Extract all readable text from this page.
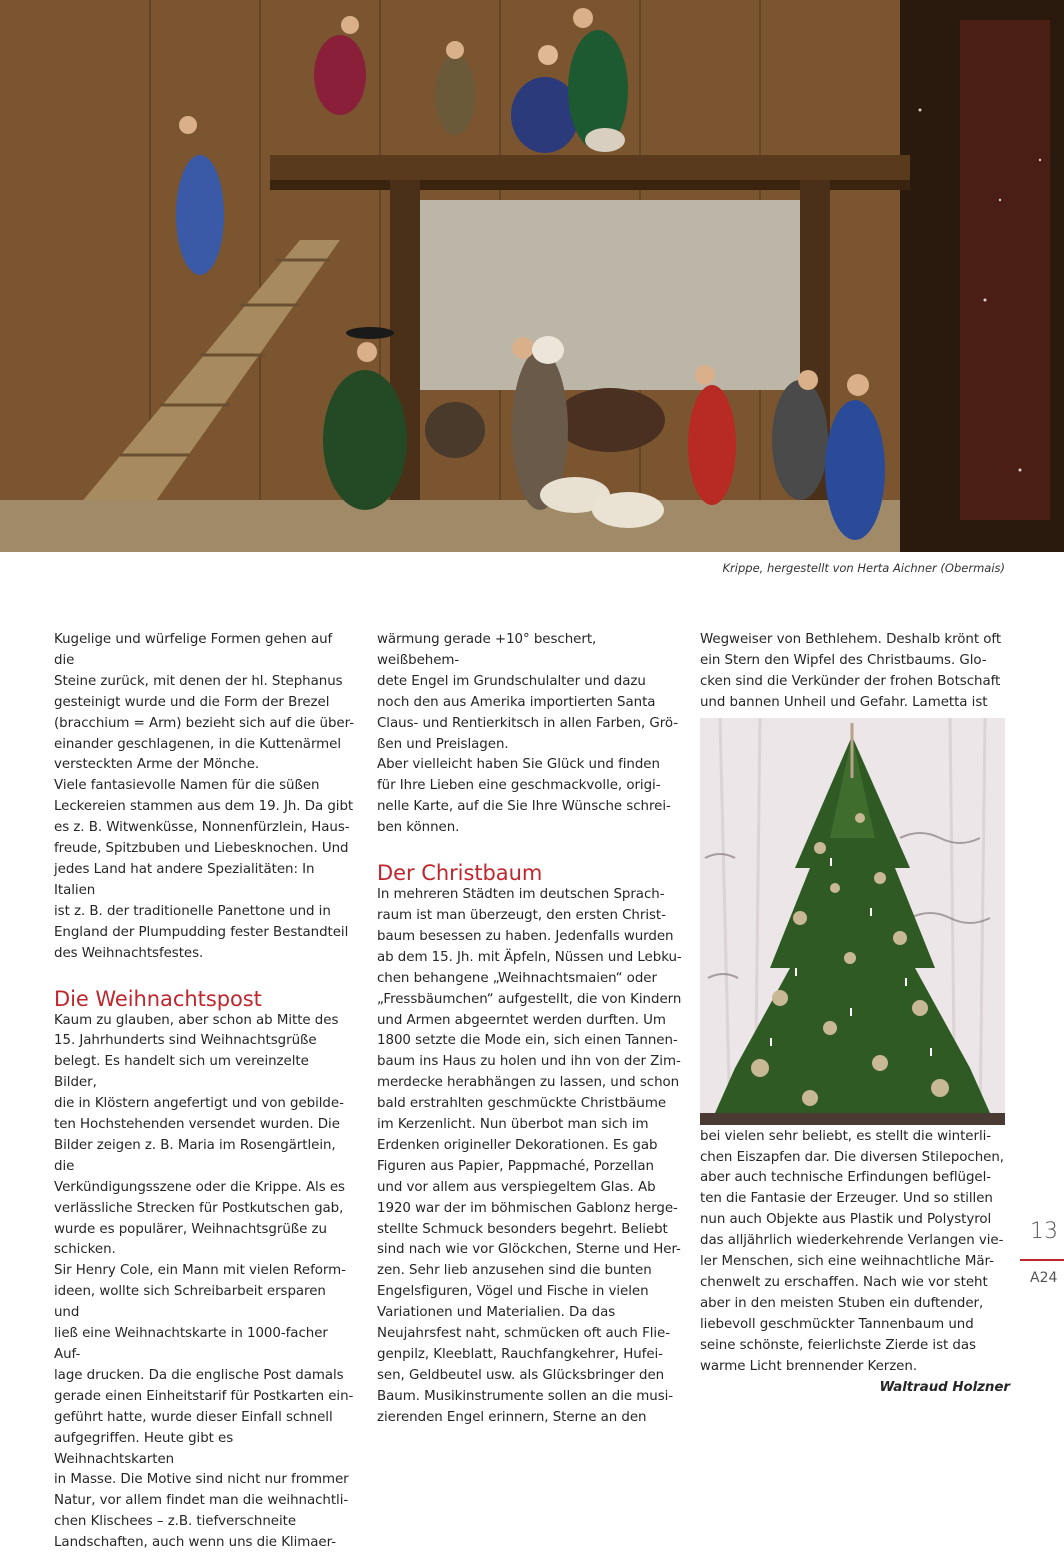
Krippe, hergestellt von Herta Aichner (Obermais)

Kugelige und würfelige Formen gehen auf die
Steine zurück, mit denen der hl. Stephanus
gesteinigt wurde und die Form der Brezel
(bracchium = Arm) bezieht sich auf die über-
einander geschlagenen, in die Kuttenärmel
versteckten Arme der Mönche.
Viele fantasievolle Namen für die süßen
Leckereien stammen aus dem 19. Jh. Da gibt
es z. B. Witwenküsse, Nonnenfürzlein, Haus-
freude, Spitzbuben und Liebesknochen. Und
jedes Land hat andere Spezialitäten: In Italien
ist z. B. der traditionelle Panettone und in
England der Plumpudding fester Bestandteil
des Weihnachtsfestes.

Die Weihnachtspost

Kaum zu glauben, aber schon ab Mitte des
15. Jahrhunderts sind Weihnachtsgrüße
belegt. Es handelt sich um vereinzelte Bilder,
die in Klöstern angefertigt und von gebilde-
ten Hochstehenden versendet wurden. Die
Bilder zeigen z. B. Maria im Rosengärtlein, die
Verkündigungsszene oder die Krippe. Als es
verlässliche Strecken für Postkutschen gab,
wurde es populärer, Weihnachtsgrüße zu
schicken.
Sir Henry Cole, ein Mann mit vielen Reform-
ideen, wollte sich Schreibarbeit ersparen und
ließ eine Weihnachtskarte in 1000-facher Auf-
lage drucken. Da die englische Post damals
gerade einen Einheitstarif für Postkarten ein-
geführt hatte, wurde dieser Einfall schnell
aufgegriffen. Heute gibt es Weihnachtskarten
in Masse. Die Motive sind nicht nur frommer
Natur, vor allem findet man die weihnachtli-
chen Klischees – z.B. tiefverschneite
Landschaften, auch wenn uns die Klimaer-

wärmung gerade +10° beschert, weißbehem-
dete Engel im Grundschulalter und dazu
noch den aus Amerika importierten Santa
Claus- und Rentierkitsch in allen Farben, Grö-
ßen und Preislagen.
Aber vielleicht haben Sie Glück und finden
für Ihre Lieben eine geschmackvolle, origi-
nelle Karte, auf die Sie Ihre Wünsche schrei-
ben können.

Der Christbaum

In mehreren Städten im deutschen Sprach-
raum ist man überzeugt, den ersten Christ-
baum besessen zu haben. Jedenfalls wurden
ab dem 15. Jh. mit Äpfeln, Nüssen und Lebku-
chen behangene „Weihnachtsmaien“ oder
„Fressbäumchen“ aufgestellt, die von Kindern
und Armen abgeerntet werden durften. Um
1800 setzte die Mode ein, sich einen Tannen-
baum ins Haus zu holen und ihn von der Zim-
merdecke herabhängen zu lassen, und schon
bald erstrahlten geschmückte Christbäume
im Kerzenlicht. Nun überbot man sich im
Erdenken origineller Dekorationen. Es gab
Figuren aus Papier, Pappmaché, Porzellan
und vor allem aus verspiegeltem Glas. Ab
1920 war der im böhmischen Gablonz herge-
stellte Schmuck besonders begehrt. Beliebt
sind nach wie vor Glöckchen, Sterne und Her-
zen. Sehr lieb anzusehen sind die bunten
Engelsfiguren, Vögel und Fische in vielen
Variationen und Materialien. Da das
Neujahrsfest naht, schmücken oft auch Flie-
genpilz, Kleeblatt, Rauchfangkehrer, Hufei-
sen, Geldbeutel usw. als Glücksbringer den
Baum. Musikinstrumente sollen an die musi-
zierenden Engel erinnern, Sterne an den

Wegweiser von Bethlehem. Deshalb krönt oft
ein Stern den Wipfel des Christbaums. Glo-
cken sind die Verkünder der frohen Botschaft
und bannen Unheil und Gefahr. Lametta ist

bei vielen sehr beliebt, es stellt die winterli-
chen Eiszapfen dar. Die diversen Stilepochen,
aber auch technische Erfindungen beflügel-
ten die Fantasie der Erzeuger. Und so stillen
nun auch Objekte aus Plastik und Polystyrol
das alljährlich wiederkehrende Verlangen vie-
ler Menschen, sich eine weihnachtliche Mär-
chenwelt zu erschaffen. Nach wie vor steht
aber in den meisten Stuben ein duftender,
liebevoll geschmückter Tannenbaum und
seine schönste, feierlichste Zierde ist das
warme Licht brennender Kerzen.

Waltraud Holzner

13
A24
